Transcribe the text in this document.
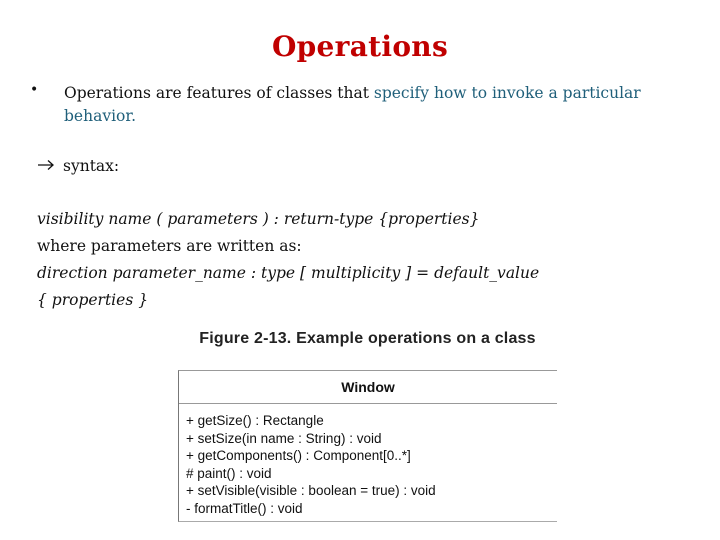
Operations
• Operations are features of classes that specify how to invoke a particular behavior.
syntax:
visibility name ( parameters ) : return-type {properties}
where parameters are written as:
direction parameter_name : type [ multiplicity ] = default_value
{ properties }
Figure 2-13. Example operations on a class
Window
+ getSize() : Rectangle
+ setSize(in name : String) : void
+ getComponents() : Component[0..*]
# paint() : void
+ setVisible(visible : boolean = true) : void
- formatTitle() : void
